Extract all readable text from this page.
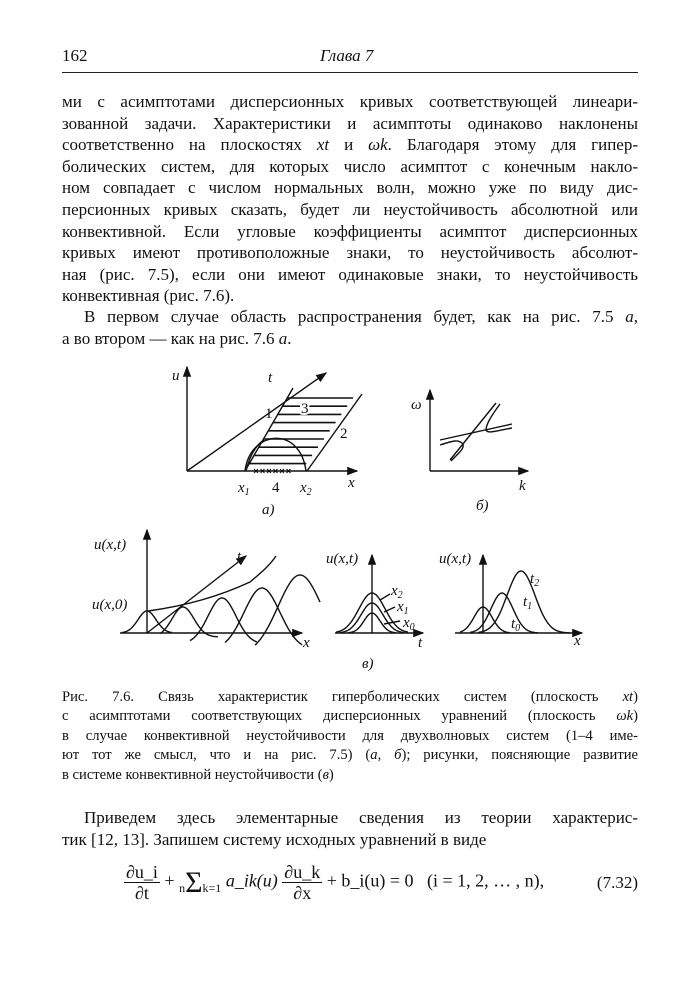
162	Глава 7
ми с асимптотами дисперсионных кривых соответствующей линеари-
зованной задачи. Характеристики и асимптоты одинаково наклонены
соответственно на плоскостях xt и ωk. Благодаря этому для гипер-
болических систем, для которых число асимптот с конечным накло-
ном совпадает с числом нормальных волн, можно уже по виду дис-
персионных кривых сказать, будет ли неустойчивость абсолютной или
конвективной. Если угловые коэффициенты асимптот дисперсионных
кривых имеют противоположные знаки, то неустойчивость абсолют-
ная (рис. 7.5), если они имеют одинаковые знаки, то неустойчивость
конвективная (рис. 7.6).
В первом случае область распространения будет, как на рис. 7.5 а,
а во втором — как на рис. 7.6 а.
u	t
x
1 3
2
4
$x_1$	$x_2$
а)
ω
k
б)
u(x,t)
u(x,0)
t
x
u(x,t)
t
$x_2$
$x_1$
$x_0$
u(x,t)
$t_0$
$t_1$
$t_2$
x
в)
Рис. 7.6. Связь характеристик гиперболических систем (плоскость xt)
с асимптотами соответствующих дисперсионных уравнений (плоскость ωk)
в случае конвективной неустойчивости для двухволновых систем (1–4 име-
ют тот же смысл, что и на рис. 7.5) (а, б); рисунки, поясняющие развитие
в системе конвективной неустойчивости (в)
Приведем здесь элементарные сведения из теории характерис-
тик [12, 13]. Запишем систему исходных уравнений в виде
$\frac{\partial u\_i}{\partial t} + n\Sigma k=1$ a_ik(u) $\frac{\partial u\_k}{\partial x}$ + b_i(u) = 0 (i = 1, 2, … , n),	(7.32)
